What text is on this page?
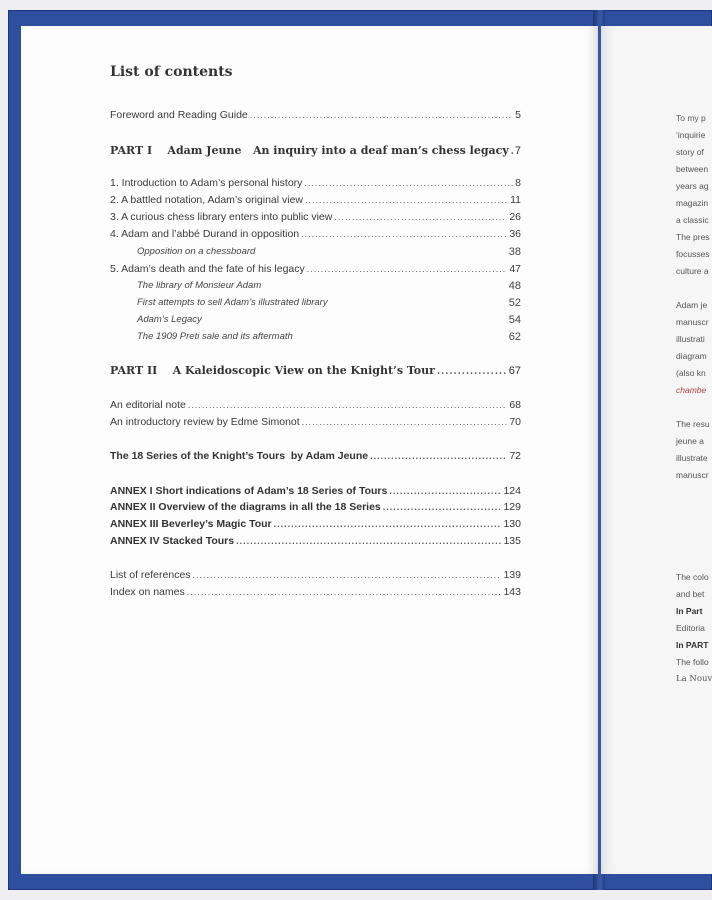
List of contents
Foreword and Reading Guide .....	5
PART I    Adam Jeune   An inquiry into a deaf man’s chess legacy ..... 7
1. Introduction to Adam’s personal history .....	8
2. A battled notation, Adam’s original view .....	11
3. A curious chess library enters into public view .....	26
4. Adam and l’abbé Durand in opposition .....	36
Opposition on a chessboard	38
5. Adam’s death and the fate of his legacy .....	47
The library of Monsieur Adam	48
First attempts to sell Adam’s illustrated library	52
Adam’s Legacy	54
The 1909 Preti sale and its aftermath	62
PART II    A Kaleidoscopic View on the Knight’s Tour .....	67
An editorial note .....	68
An introductory review by Edme Simonot .....	70
The 18 Series of the Knight’s Tours  by Adam Jeune .....	72
ANNEX I Short indications of Adam’s 18 Series of Tours .....	124
ANNEX II Overview of the diagrams in all the 18 Series .....	129
ANNEX III Beverley’s Magic Tour .....	130
ANNEX IV Stacked Tours .....	135
List of references .....	139
Index on names .....	143
To my p
‘inquirie
story of
between
years ag
magazin
a classic
The pres
focusses
culture a
Adam je
manuscr
illustrati
diagram
(also kn
chambe
The resu
jeune a
illustrate
manuscr
The colo
and bet
In Part
Editoria
In PART
The follo
La Nouv
